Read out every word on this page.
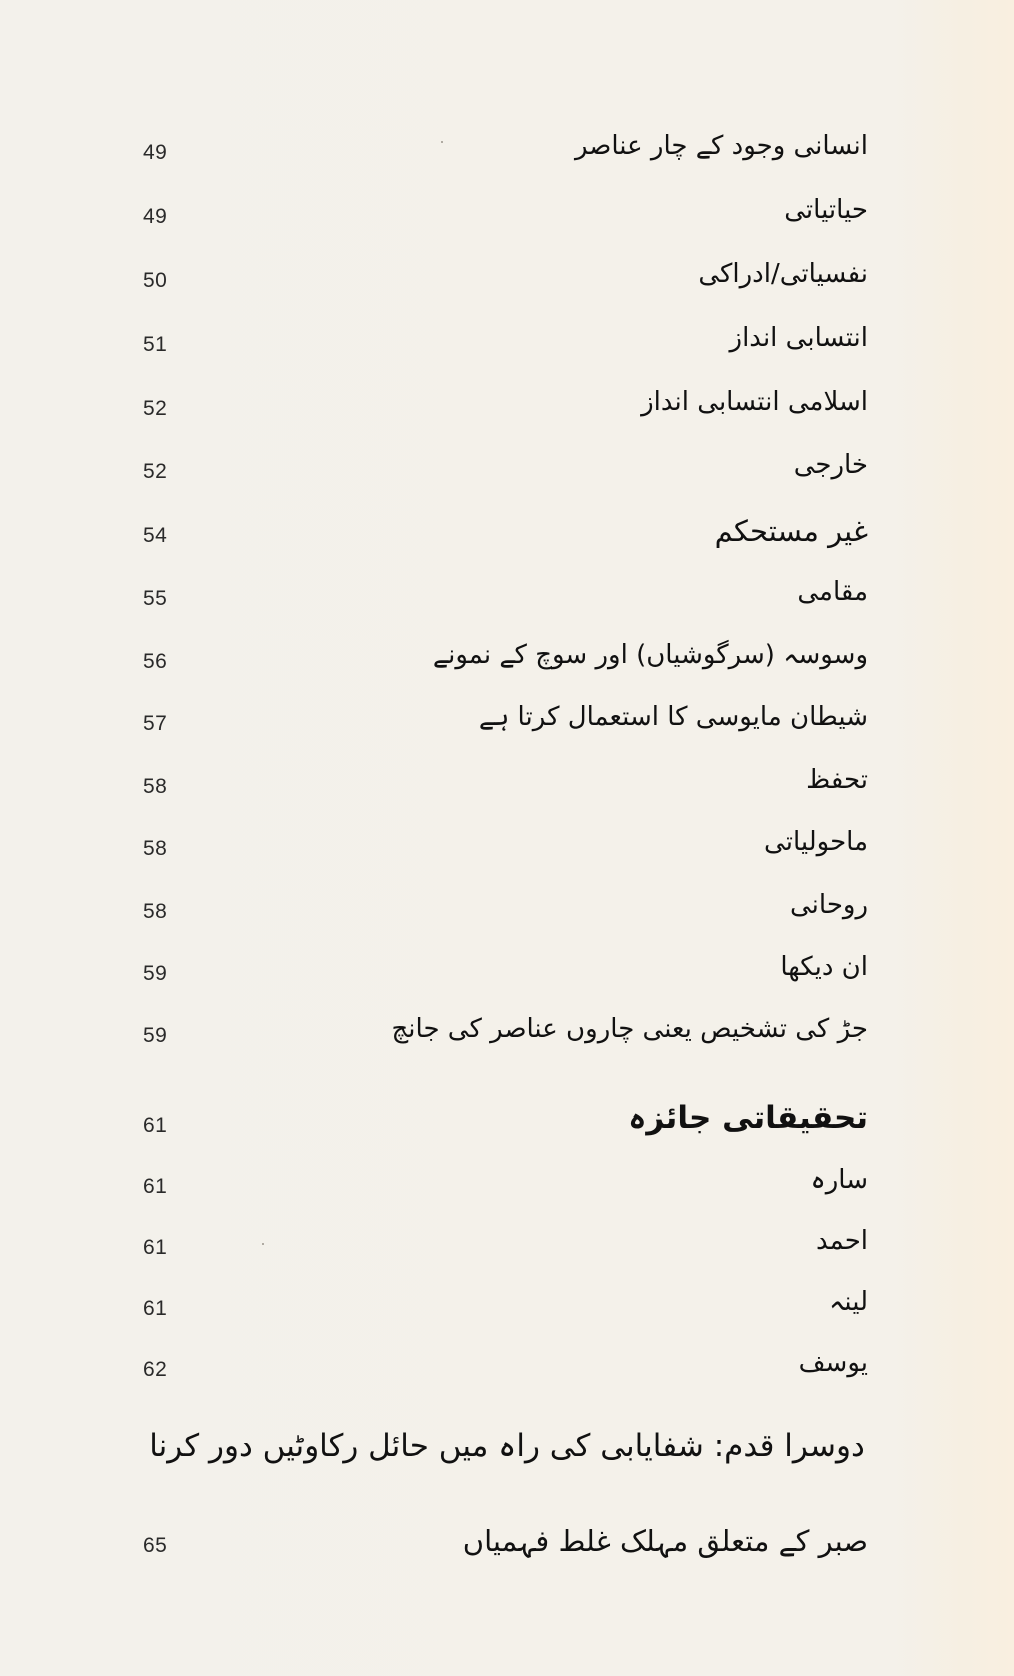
49	انسانی وجود کے چار عناصر
49	حیاتیاتی
50	نفسیاتی/ادراکی
51	انتسابی انداز
52	اسلامی انتسابی انداز
52	خارجی
54	غیر مستحکم
55	مقامی
56	وسوسہ (سرگوشیاں) اور سوچ کے نمونے
57	شیطان مایوسی کا استعمال کرتا ہے
58	تحفظ
58	ماحولیاتی
58	روحانی
59	ان دیکھا
59	جڑ کی تشخیص یعنی چاروں عناصر کی جانچ
61	تحقیقاتی جائزہ
61	سارہ
61	احمد
61	لینہ
62	یوسف
دوسرا قدم: شفایابی کی راہ میں حائل رکاوٹیں دور کرنا
65	صبر کے متعلق مہلک غلط فہمیاں
